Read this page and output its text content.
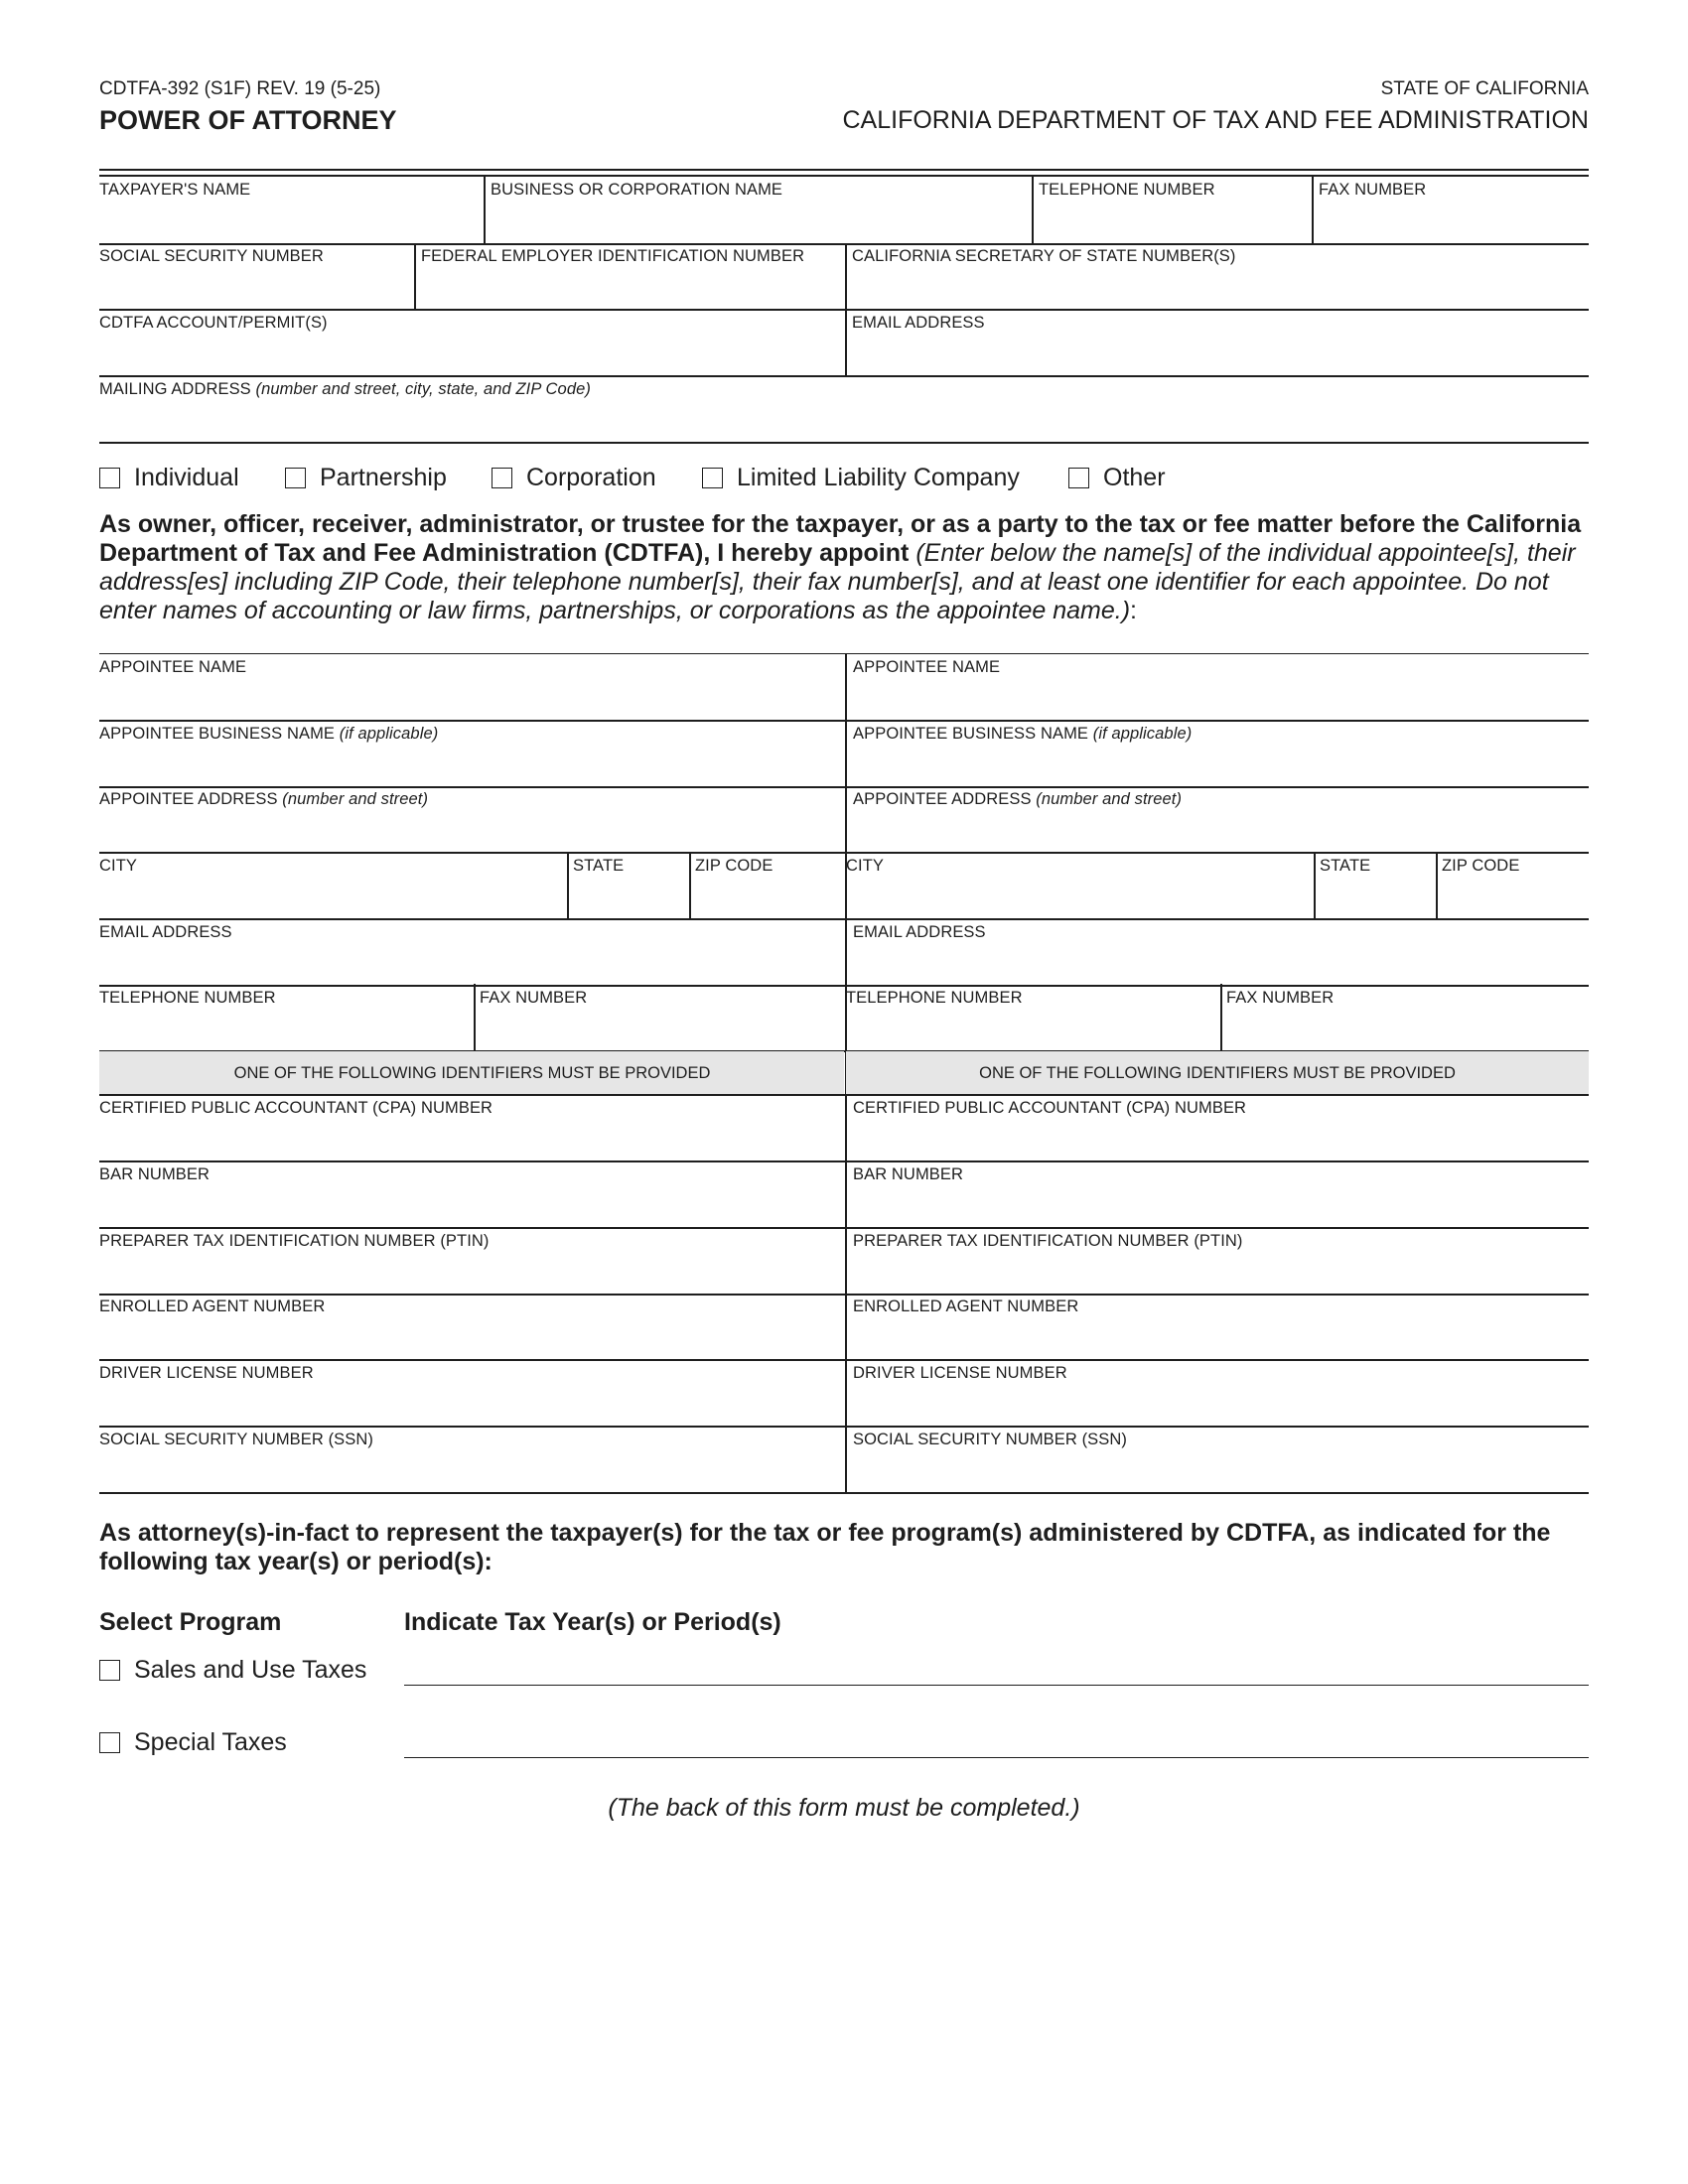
CDTFA-392 (S1F) REV. 19 (5-25)
POWER OF ATTORNEY
STATE OF CALIFORNIA
CALIFORNIA DEPARTMENT OF TAX AND FEE ADMINISTRATION
TAXPAYER'S NAME	BUSINESS OR CORPORATION NAME	TELEPHONE NUMBER	FAX NUMBER
SOCIAL SECURITY NUMBER	FEDERAL EMPLOYER IDENTIFICATION NUMBER	CALIFORNIA SECRETARY OF STATE NUMBER(S)
CDTFA ACCOUNT/PERMIT(S)	EMAIL ADDRESS
MAILING ADDRESS (number and street, city, state, and ZIP Code)
Individual	Partnership	Corporation	Limited Liability Company	Other
As owner, officer, receiver, administrator, or trustee for the taxpayer, or as a party to the tax or fee matter before the California Department of Tax and Fee Administration (CDTFA), I hereby appoint (Enter below the name[s] of the individual appointee[s], their address[es] including ZIP Code, their telephone number[s], their fax number[s], and at least one identifier for each appointee. Do not enter names of accounting or law firms, partnerships, or corporations as the appointee name.):
APPOINTEE NAME
APPOINTEE BUSINESS NAME (if applicable)
APPOINTEE ADDRESS (number and street)
CITY	STATE	ZIP CODE
EMAIL ADDRESS
TELEPHONE NUMBER	FAX NUMBER
ONE OF THE FOLLOWING IDENTIFIERS MUST BE PROVIDED
CERTIFIED PUBLIC ACCOUNTANT (CPA) NUMBER
BAR NUMBER
PREPARER TAX IDENTIFICATION NUMBER (PTIN)
ENROLLED AGENT NUMBER
DRIVER LICENSE NUMBER
SOCIAL SECURITY NUMBER (SSN)
APPOINTEE NAME
APPOINTEE BUSINESS NAME (if applicable)
APPOINTEE ADDRESS (number and street)
CITY	STATE	ZIP CODE
EMAIL ADDRESS
TELEPHONE NUMBER	FAX NUMBER
ONE OF THE FOLLOWING IDENTIFIERS MUST BE PROVIDED
CERTIFIED PUBLIC ACCOUNTANT (CPA) NUMBER
BAR NUMBER
PREPARER TAX IDENTIFICATION NUMBER (PTIN)
ENROLLED AGENT NUMBER
DRIVER LICENSE NUMBER
SOCIAL SECURITY NUMBER (SSN)
As attorney(s)-in-fact to represent the taxpayer(s) for the tax or fee program(s) administered by CDTFA, as indicated for the following tax year(s) or period(s):
Select Program	Indicate Tax Year(s) or Period(s)
Sales and Use Taxes
Special Taxes
(The back of this form must be completed.)
